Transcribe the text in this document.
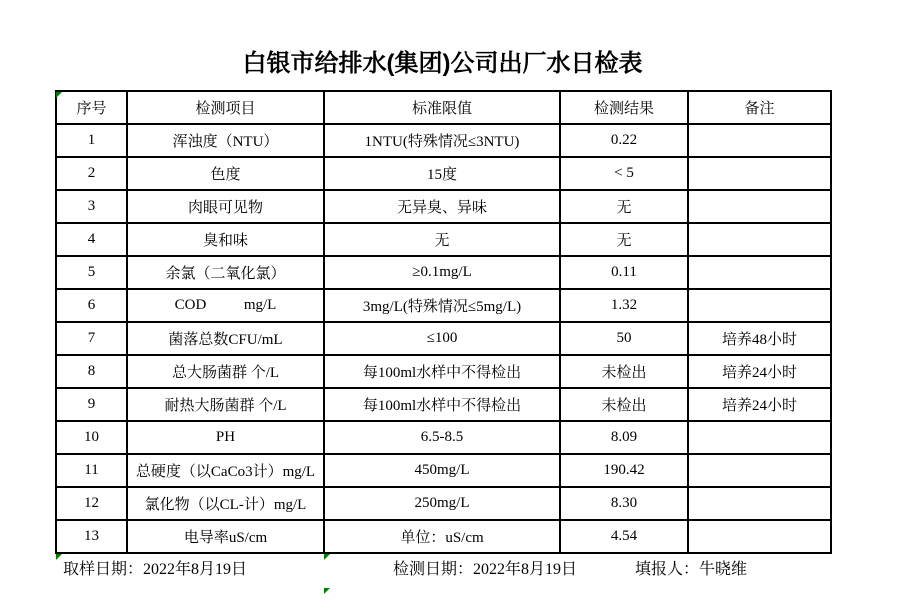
白银市给排水(集团)公司出厂水日检表
序号	检测项目	标准限值	检测结果	备注
1	浑浊度（NTU）	1NTU(特殊情况≤3NTU)	0.22	
2	色度	15度	< 5	
3	肉眼可见物	无异臭、异味	无	
4	臭和味	无	无	
5	余氯（二氧化氯）	≥0.1mg/L	0.11	
6	COD          mg/L	3mg/L(特殊情况≤5mg/L)	1.32	
7	菌落总数CFU/mL	≤100	50	培养48小时
8	总大肠菌群 个/L	每100ml水样中不得检出	未检出	培养24小时
9	耐热大肠菌群 个/L	每100ml水样中不得检出	未检出	培养24小时
10	PH	6.5-8.5	8.09	
11	总硬度（以CaCo3计）mg/L	450mg/L	190.42	
12	氯化物（以CL-计）mg/L	250mg/L	8.30	
13	电导率uS/cm	单位：uS/cm	4.54	
取样日期：2022年8月19日	检测日期：2022年8月19日	填报人：牛晓维
